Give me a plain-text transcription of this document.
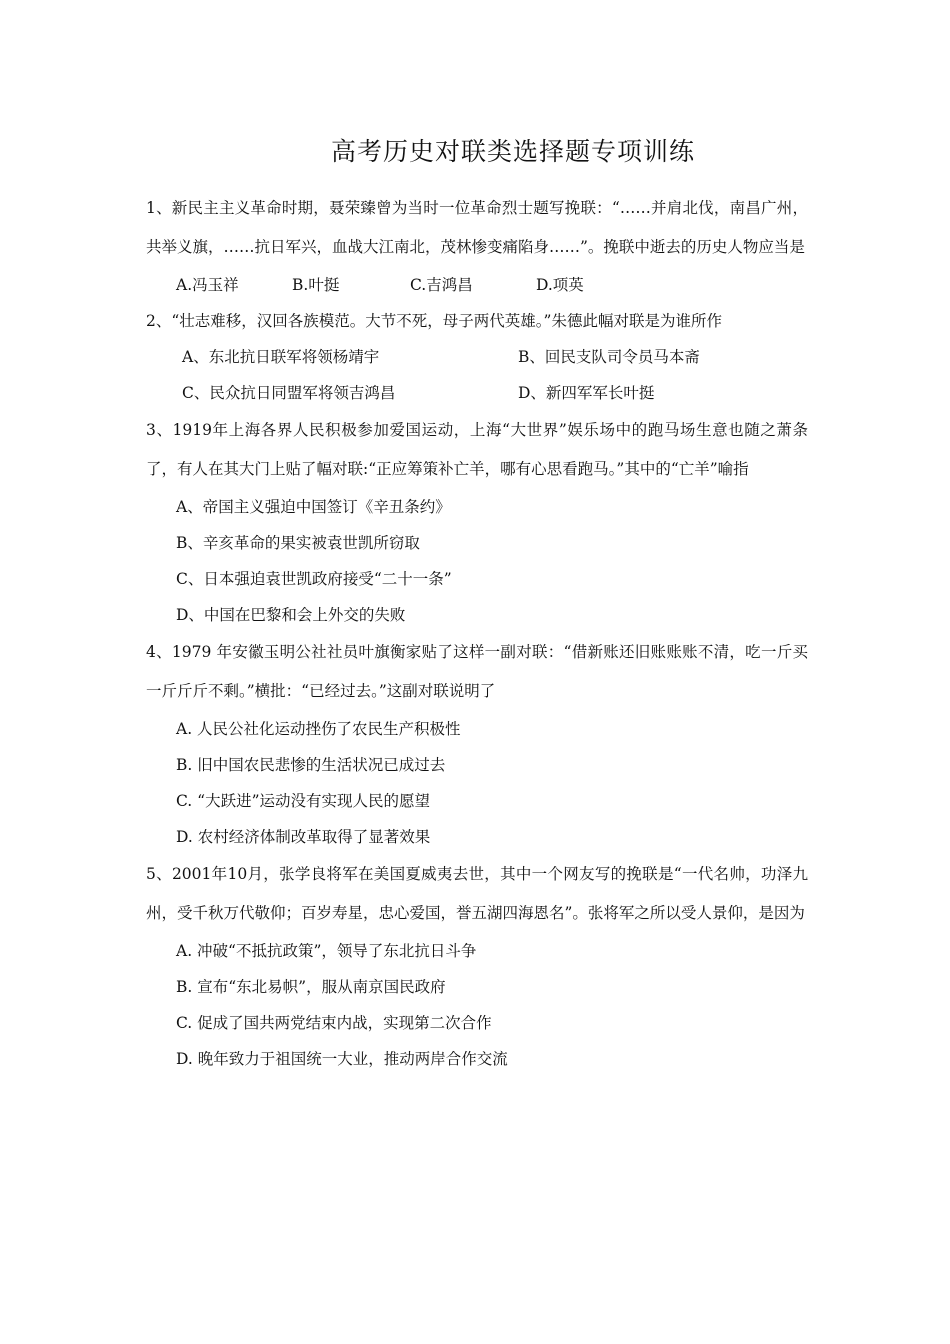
高考历史对联类选择题专项训练

1、新民主主义革命时期，聂荣臻曾为当时一位革命烈士题写挽联：“……并肩北伐，南昌广州，共举义旗，……抗日军兴，血战大江南北，茂林惨变痛陷身……”。挽联中逝去的历史人物应当是

A.冯玉祥	B.叶挺	C.吉鸿昌	D.项英

2、“壮志难移，汉回各族模范。大节不死，母子两代英雄。”朱德此幅对联是为谁所作

A、东北抗日联军将领杨靖宇	B、回民支队司令员马本斋
C、民众抗日同盟军将领吉鸿昌	D、新四军军长叶挺

3、1919年上海各界人民积极参加爱国运动，上海“大世界”娱乐场中的跑马场生意也随之萧条了，有人在其大门上贴了幅对联:“正应筹策补亡羊，哪有心思看跑马。”其中的“亡羊”喻指

A、帝国主义强迫中国签订《辛丑条约》

B、辛亥革命的果实被袁世凯所窃取

C、日本强迫袁世凯政府接受“二十一条”

D、中国在巴黎和会上外交的失败

4、1979 年安徽玉明公社社员叶旗衡家贴了这样一副对联：“借新账还旧账账账不清，吃一斤买一斤斤斤不剩。”横批：“已经过去。”这副对联说明了

A. 人民公社化运动挫伤了农民生产积极性

B. 旧中国农民悲惨的生活状况已成过去

C. “大跃进”运动没有实现人民的愿望

D. 农村经济体制改革取得了显著效果

5、2001年10月，张学良将军在美国夏威夷去世，其中一个网友写的挽联是“一代名帅，功泽九州，受千秋万代敬仰；百岁寿星，忠心爱国，誉五湖四海恩名”。张将军之所以受人景仰，是因为

A. 冲破“不抵抗政策”，领导了东北抗日斗争

B. 宣布“东北易帜”，服从南京国民政府

C. 促成了国共两党结束内战，实现第二次合作

D. 晚年致力于祖国统一大业，推动两岸合作交流
